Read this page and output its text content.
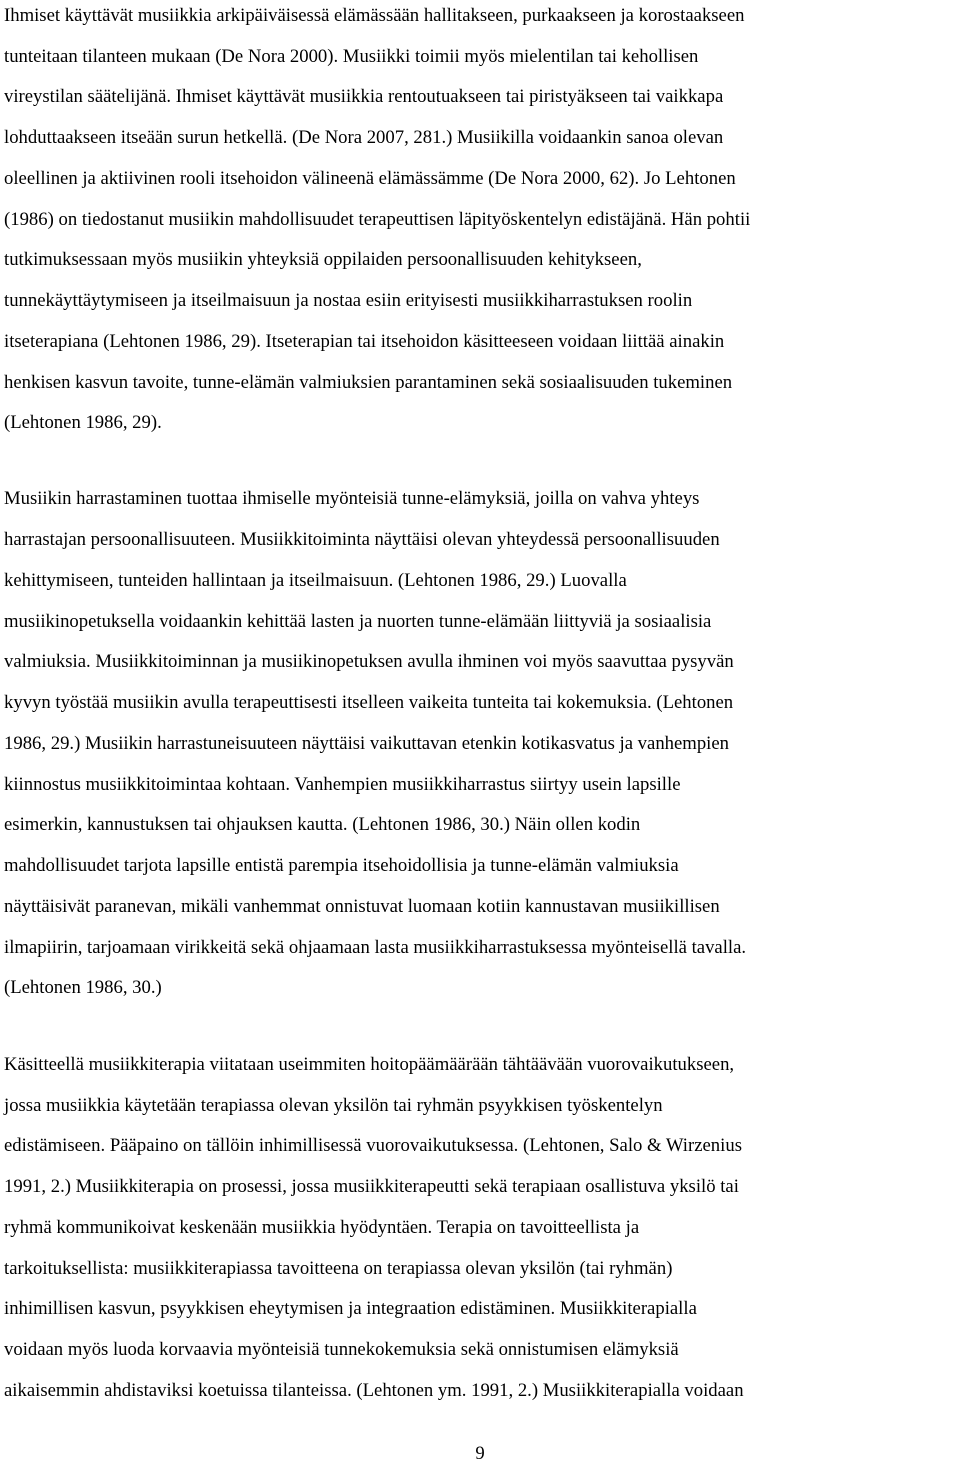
Ihmiset käyttävät musiikkia arkipäiväisessä elämässään hallitakseen, purkaakseen ja korostaakseen
tunteitaan tilanteen mukaan (De Nora 2000). Musiikki toimii myös mielentilan tai kehollisen
vireystilan säätelijänä. Ihmiset käyttävät musiikkia rentoutuakseen tai piristyäkseen tai vaikkapa
lohduttaakseen itseään surun hetkellä. (De Nora 2007, 281.) Musiikilla voidaankin sanoa olevan
oleellinen ja aktiivinen rooli itsehoidon välineenä elämässämme (De Nora 2000, 62). Jo Lehtonen
(1986) on tiedostanut musiikin mahdollisuudet terapeuttisen läpityöskentelyn edistäjänä. Hän pohtii
tutkimuksessaan myös musiikin yhteyksiä oppilaiden persoonallisuuden kehitykseen,
tunnekäyttäytymiseen ja itseilmaisuun ja nostaa esiin erityisesti musiikkiharrastuksen roolin
itseterapiana (Lehtonen 1986, 29). Itseterapian tai itsehoidon käsitteeseen voidaan liittää ainakin
henkisen kasvun tavoite, tunne-elämän valmiuksien parantaminen sekä sosiaalisuuden tukeminen
(Lehtonen 1986, 29).
Musiikin harrastaminen tuottaa ihmiselle myönteisiä tunne-elämyksiä, joilla on vahva yhteys
harrastajan persoonallisuuteen. Musiikkitoiminta näyttäisi olevan yhteydessä persoonallisuuden
kehittymiseen, tunteiden hallintaan ja itseilmaisuun. (Lehtonen 1986, 29.) Luovalla
musiikinopetuksella voidaankin kehittää lasten ja nuorten tunne-elämään liittyviä ja sosiaalisia
valmiuksia. Musiikkitoiminnan ja musiikinopetuksen avulla ihminen voi myös saavuttaa pysyvän
kyvyn työstää musiikin avulla terapeuttisesti itselleen vaikeita tunteita tai kokemuksia. (Lehtonen
1986, 29.) Musiikin harrastuneisuuteen näyttäisi vaikuttavan etenkin kotikasvatus ja vanhempien
kiinnostus musiikkitoimintaa kohtaan. Vanhempien musiikkiharrastus siirtyy usein lapsille
esimerkin, kannustuksen tai ohjauksen kautta. (Lehtonen 1986, 30.) Näin ollen kodin
mahdollisuudet tarjota lapsille entistä parempia itsehoidollisia ja tunne-elämän valmiuksia
näyttäisivät paranevan, mikäli vanhemmat onnistuvat luomaan kotiin kannustavan musiikillisen
ilmapiirin, tarjoamaan virikkeitä sekä ohjaamaan lasta musiikkiharrastuksessa myönteisellä tavalla.
(Lehtonen 1986, 30.)
Käsitteellä musiikkiterapia viitataan useimmiten hoitopäämäärään tähtäävään vuorovaikutukseen,
jossa musiikkia käytetään terapiassa olevan yksilön tai ryhmän psyykkisen työskentelyn
edistämiseen. Pääpaino on tällöin inhimillisessä vuorovaikutuksessa. (Lehtonen, Salo & Wirzenius
1991, 2.) Musiikkiterapia on prosessi, jossa musiikkiterapeutti sekä terapiaan osallistuva yksilö tai
ryhmä kommunikoivat keskenään musiikkia hyödyntäen. Terapia on tavoitteellista ja
tarkoituksellista: musiikkiterapiassa tavoitteena on terapiassa olevan yksilön (tai ryhmän)
inhimillisen kasvun, psyykkisen eheytymisen ja integraation edistäminen. Musiikkiterapialla
voidaan myös luoda korvaavia myönteisiä tunnekokemuksia sekä onnistumisen elämyksiä
aikaisemmin ahdistaviksi koetuissa tilanteissa. (Lehtonen ym. 1991, 2.) Musiikkiterapialla voidaan
9
